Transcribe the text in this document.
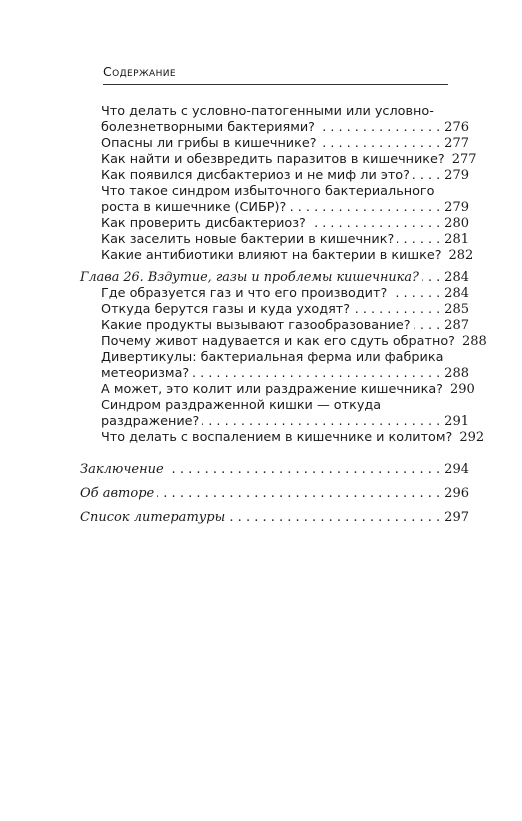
Содержание
Что делать с условно-патогенными или условно-
болезнетворными бактериями? . . .	276
Опасны ли грибы в кишечнике? . . .	277
Как найти и обезвредить паразитов в кишечнике? 277
Как появился дисбактериоз и не миф ли это? . . .	279
Что такое синдром избыточного бактериального
роста в кишечнике (СИБР)? . . .	279
Как проверить дисбактериоз? . . .	280
Как заселить новые бактерии в кишечник? . . .	281
Какие антибиотики влияют на бактерии в кишке? 282
Глава 26. Вздутие, газы и проблемы кишечника? . . . 284
Где образуется газ и что его производит? . . .	284
Откуда берутся газы и куда уходят? . . .	285
Какие продукты вызывают газообразование? . . .	287
Почему живот надувается и как его сдуть обратно? 288
Дивертикулы: бактериальная ферма или фабрика
метеоризма? . . .	288
А может, это колит или раздражение кишечника? 290
Синдром раздраженной кишки — откуда
раздражение? . . .	291
Что делать с воспалением в кишечнике и колитом? 292
Заключение . . .	294
Об авторе . . .	296
Список литературы . . .	297
